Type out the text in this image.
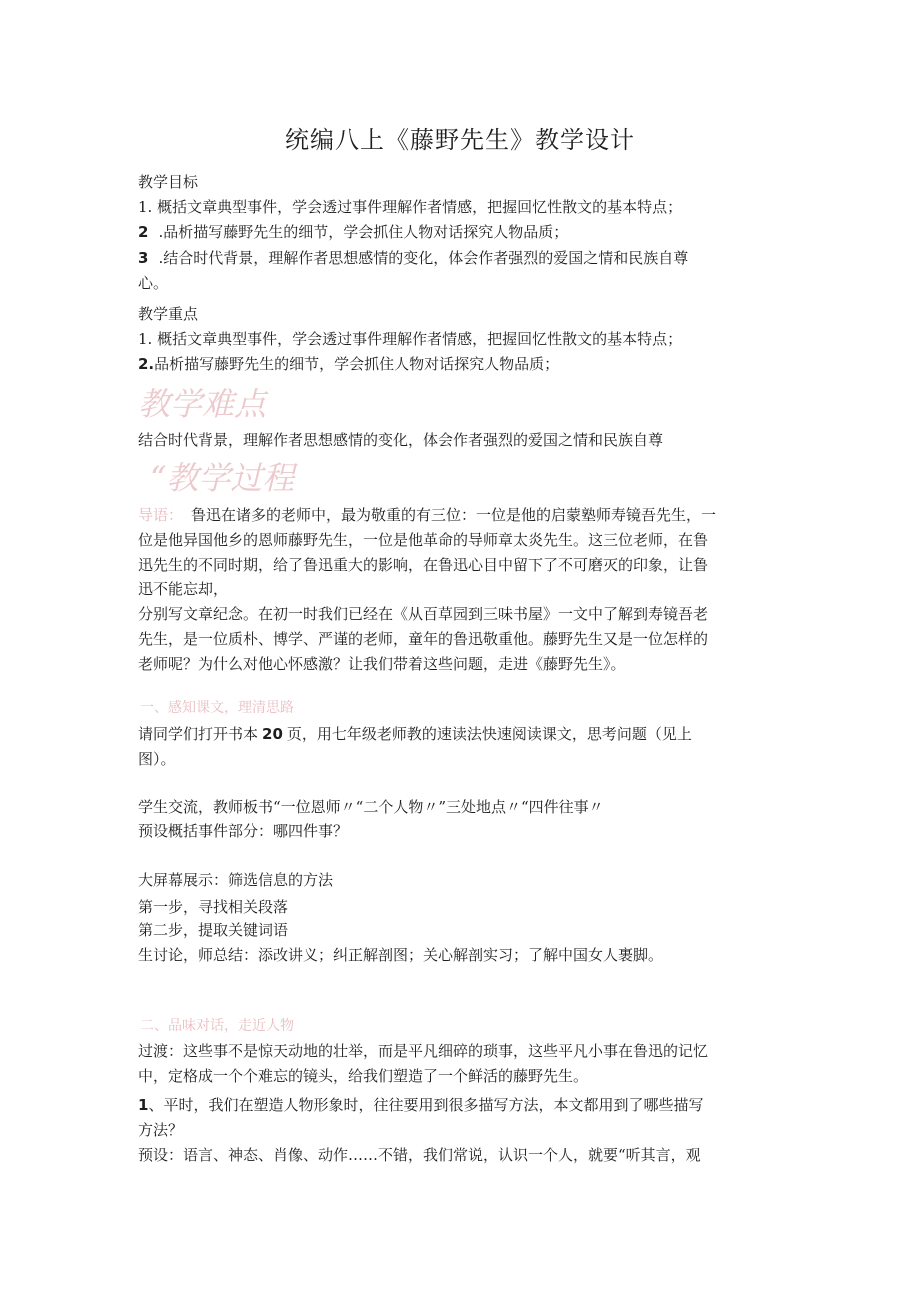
统编八上《藤野先生》教学设计
教学目标
1. 概括文章典型事件，学会透过事件理解作者情感，把握回忆性散文的基本特点；
2 .品析描写藤野先生的细节，学会抓住人物对话探究人物品质；
3 .结合时代背景，理解作者思想感情的变化，体会作者强烈的爱国之情和民族自尊
心。
教学重点
1. 概括文章典型事件，学会透过事件理解作者情感，把握回忆性散文的基本特点；
2.品析描写藤野先生的细节，学会抓住人物对话探究人物品质；
教学难点
结合时代背景，理解作者思想感情的变化，体会作者强烈的爱国之情和民族自尊
“教学过程
导语： 鲁迅在诸多的老师中，最为敬重的有三位：一位是他的启蒙塾师寿镜吾先生，一
位是他异国他乡的恩师藤野先生，一位是他革命的导师章太炎先生。这三位老师，在鲁
迅先生的不同时期，给了鲁迅重大的影响，在鲁迅心目中留下了不可磨灭的印象，让鲁
迅不能忘却，
分别写文章纪念。在初一时我们已经在《从百草园到三味书屋》一文中了解到寿镜吾老
先生，是一位质朴、博学、严谨的老师，童年的鲁迅敬重他。藤野先生又是一位怎样的
老师呢？为什么对他心怀感激？让我们带着这些问题，走进《藤野先生》。
一、感知课文，理清思路
请同学们打开书本 20 页，用七年级老师教的速读法快速阅读课文，思考问题（见上
图）。
学生交流，教师板书“一位恩师〃“二个人物〃”三处地点〃“四件往事〃
预设概括事件部分：哪四件事？
大屏幕展示：筛选信息的方法
第一步，寻找相关段落
第二步，提取关键词语
生讨论，师总结：添改讲义；纠正解剖图；关心解剖实习；了解中国女人裹脚。
二、品味对话，走近人物
过渡：这些事不是惊天动地的壮举，而是平凡细碎的琐事，这些平凡小事在鲁迅的记忆
中，定格成一个个难忘的镜头，给我们塑造了一个鲜活的藤野先生。
1、平时，我们在塑造人物形象时，往往要用到很多描写方法，本文都用到了哪些描写
方法？
预设：语言、神态、肖像、动作……不错，我们常说，认识一个人，就要“听其言，观
